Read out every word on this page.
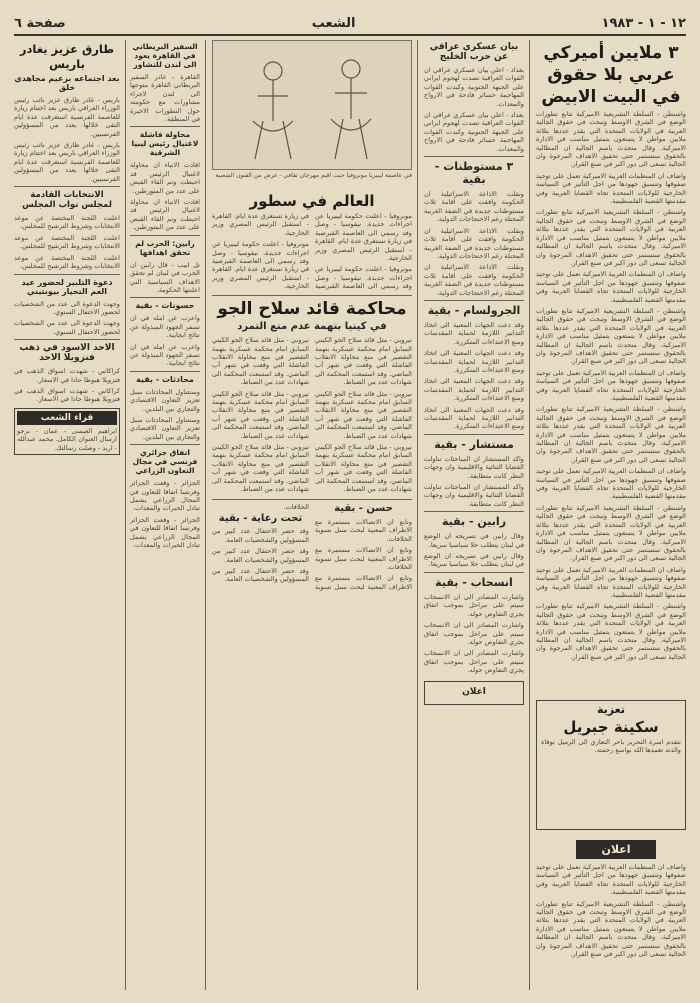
١٢ - ١ - ١٩٨٣
الشعب
صفحة ٦
٣ ملايين أميركي عربي بلا حقوق في البيت الابيض

واشنطن - السلطة التشريعية الاميركية تتابع تطورات الوضع في الشرق الاوسط وتبحث في حقوق الجالية العربية في الولايات المتحدة التي يقدر عددها بثلاثة ملايين مواطن لا يتمتعون بتمثيل مناسب في الادارة الاميركية. وقال متحدث باسم الجالية ان المطالبة بالحقوق ستستمر حتى تحقيق الاهداف المرجوة وان الجالية تسعى الى دور اكبر في صنع القرار.

واضاف ان المنظمات العربية الاميركية تعمل على توحيد صفوفها وتنسيق جهودها من اجل التأثير في السياسة الخارجية للولايات المتحدة تجاه القضايا العربية وفي مقدمتها القضية الفلسطينية.

واشنطن - السلطة التشريعية الاميركية تتابع تطورات الوضع في الشرق الاوسط وتبحث في حقوق الجالية العربية في الولايات المتحدة التي يقدر عددها بثلاثة ملايين مواطن لا يتمتعون بتمثيل مناسب في الادارة الاميركية. وقال متحدث باسم الجالية ان المطالبة بالحقوق ستستمر حتى تحقيق الاهداف المرجوة وان الجالية تسعى الى دور اكبر في صنع القرار.

واضاف ان المنظمات العربية الاميركية تعمل على توحيد صفوفها وتنسيق جهودها من اجل التأثير في السياسة الخارجية للولايات المتحدة تجاه القضايا العربية وفي مقدمتها القضية الفلسطينية.

واشنطن - السلطة التشريعية الاميركية تتابع تطورات الوضع في الشرق الاوسط وتبحث في حقوق الجالية العربية في الولايات المتحدة التي يقدر عددها بثلاثة ملايين مواطن لا يتمتعون بتمثيل مناسب في الادارة الاميركية. وقال متحدث باسم الجالية ان المطالبة بالحقوق ستستمر حتى تحقيق الاهداف المرجوة وان الجالية تسعى الى دور اكبر في صنع القرار.

واضاف ان المنظمات العربية الاميركية تعمل على توحيد صفوفها وتنسيق جهودها من اجل التأثير في السياسة الخارجية للولايات المتحدة تجاه القضايا العربية وفي مقدمتها القضية الفلسطينية.

واشنطن - السلطة التشريعية الاميركية تتابع تطورات الوضع في الشرق الاوسط وتبحث في حقوق الجالية العربية في الولايات المتحدة التي يقدر عددها بثلاثة ملايين مواطن لا يتمتعون بتمثيل مناسب في الادارة الاميركية. وقال متحدث باسم الجالية ان المطالبة بالحقوق ستستمر حتى تحقيق الاهداف المرجوة وان الجالية تسعى الى دور اكبر في صنع القرار.

واضاف ان المنظمات العربية الاميركية تعمل على توحيد صفوفها وتنسيق جهودها من اجل التأثير في السياسة الخارجية للولايات المتحدة تجاه القضايا العربية وفي مقدمتها القضية الفلسطينية.

واشنطن - السلطة التشريعية الاميركية تتابع تطورات الوضع في الشرق الاوسط وتبحث في حقوق الجالية العربية في الولايات المتحدة التي يقدر عددها بثلاثة ملايين مواطن لا يتمتعون بتمثيل مناسب في الادارة الاميركية. وقال متحدث باسم الجالية ان المطالبة بالحقوق ستستمر حتى تحقيق الاهداف المرجوة وان الجالية تسعى الى دور اكبر في صنع القرار.

واضاف ان المنظمات العربية الاميركية تعمل على توحيد صفوفها وتنسيق جهودها من اجل التأثير في السياسة الخارجية للولايات المتحدة تجاه القضايا العربية وفي مقدمتها القضية الفلسطينية.

واشنطن - السلطة التشريعية الاميركية تتابع تطورات الوضع في الشرق الاوسط وتبحث في حقوق الجالية العربية في الولايات المتحدة التي يقدر عددها بثلاثة ملايين مواطن لا يتمتعون بتمثيل مناسب في الادارة الاميركية. وقال متحدث باسم الجالية ان المطالبة بالحقوق ستستمر حتى تحقيق الاهداف المرجوة وان الجالية تسعى الى دور اكبر في صنع القرار.

تعزية
سكينة جبريل
تتقدم اسرة التحرير باحر التعازي الى الزميل بوفاة والدته تغمدها الله بواسع رحمته.
اعلان

واضاف ان المنظمات العربية الاميركية تعمل على توحيد صفوفها وتنسيق جهودها من اجل التأثير في السياسة الخارجية للولايات المتحدة تجاه القضايا العربية وفي مقدمتها القضية الفلسطينية.

واشنطن - السلطة التشريعية الاميركية تتابع تطورات الوضع في الشرق الاوسط وتبحث في حقوق الجالية العربية في الولايات المتحدة التي يقدر عددها بثلاثة ملايين مواطن لا يتمتعون بتمثيل مناسب في الادارة الاميركية. وقال متحدث باسم الجالية ان المطالبة بالحقوق ستستمر حتى تحقيق الاهداف المرجوة وان الجالية تسعى الى دور اكبر في صنع القرار.

بيان عسكري عراقي عن حرب الخليج

بغداد - اعلن بيان عسكري عراقي ان القوات العراقية تصدت لهجوم ايراني على الجبهة الجنوبية وكبدت القوات المهاجمة خسائر فادحة في الارواح والمعدات.

بغداد - اعلن بيان عسكري عراقي ان القوات العراقية تصدت لهجوم ايراني على الجبهة الجنوبية وكبدت القوات المهاجمة خسائر فادحة في الارواح والمعدات.

٣ مستوطنات - بقية

ونقلت الاذاعة الاسرائيلية ان الحكومة وافقت على اقامة ثلاث مستوطنات جديدة في الضفة الغربية المحتلة رغم الاحتجاجات الدولية.

ونقلت الاذاعة الاسرائيلية ان الحكومة وافقت على اقامة ثلاث مستوطنات جديدة في الضفة الغربية المحتلة رغم الاحتجاجات الدولية.

ونقلت الاذاعة الاسرائيلية ان الحكومة وافقت على اقامة ثلاث مستوطنات جديدة في الضفة الغربية المحتلة رغم الاحتجاجات الدولية.

الجرولسام - بقية

وقد دعت الجهات المعنية الى اتخاذ التدابير اللازمة لحماية المقدسات ومنع الاعتداءات المتكررة.

وقد دعت الجهات المعنية الى اتخاذ التدابير اللازمة لحماية المقدسات ومنع الاعتداءات المتكررة.

وقد دعت الجهات المعنية الى اتخاذ التدابير اللازمة لحماية المقدسات ومنع الاعتداءات المتكررة.

وقد دعت الجهات المعنية الى اتخاذ التدابير اللازمة لحماية المقدسات ومنع الاعتداءات المتكررة.

مستشار - بقية

واكد المستشار ان المباحثات تناولت القضايا الثنائية والاقليمية وان وجهات النظر كانت متطابقة.

واكد المستشار ان المباحثات تناولت القضايا الثنائية والاقليمية وان وجهات النظر كانت متطابقة.

رابين - بقية

وقال رابين في تصريحه ان الوضع في لبنان يتطلب حلا سياسيا سريعا.

وقال رابين في تصريحه ان الوضع في لبنان يتطلب حلا سياسيا سريعا.

انسحاب - بقية

واشارت المصادر الى ان الانسحاب سيتم على مراحل بموجب اتفاق يجري التفاوض حوله.

واشارت المصادر الى ان الانسحاب سيتم على مراحل بموجب اتفاق يجري التفاوض حوله.

واشارت المصادر الى ان الانسحاب سيتم على مراحل بموجب اتفاق يجري التفاوض حوله.

اعلان
في عاصمة ليبيريا مونروفيا حيث اقيم مهرجان ثقافي - عرض من الفنون الشعبية
العالم في سطور

مونروفيا - اعلنت حكومة ليبيريا عن اجراءات جديدة. نيقوسيا - وصل وفد رسمي الى العاصمة القبرصية في زيارة تستغرق عدة ايام. القاهرة - استقبل الرئيس المصري وزير الخارجية.

مونروفيا - اعلنت حكومة ليبيريا عن اجراءات جديدة. نيقوسيا - وصل وفد رسمي الى العاصمة القبرصية في زيارة تستغرق عدة ايام. القاهرة - استقبل الرئيس المصري وزير الخارجية.

مونروفيا - اعلنت حكومة ليبيريا عن اجراءات جديدة. نيقوسيا - وصل وفد رسمي الى العاصمة القبرصية في زيارة تستغرق عدة ايام. القاهرة - استقبل الرئيس المصري وزير الخارجية.

محاكمة قائد سلاح الجو
في كينيا بتهمة عدم منع التمرد

نيروبي - مثل قائد سلاح الجو الكيني السابق امام محكمة عسكرية بتهمة التقصير في منع محاولة الانقلاب الفاشلة التي وقعت في شهر آب الماضي. وقد استمعت المحكمة الى شهادات عدد من الضباط.

نيروبي - مثل قائد سلاح الجو الكيني السابق امام محكمة عسكرية بتهمة التقصير في منع محاولة الانقلاب الفاشلة التي وقعت في شهر آب الماضي. وقد استمعت المحكمة الى شهادات عدد من الضباط.

نيروبي - مثل قائد سلاح الجو الكيني السابق امام محكمة عسكرية بتهمة التقصير في منع محاولة الانقلاب الفاشلة التي وقعت في شهر آب الماضي. وقد استمعت المحكمة الى شهادات عدد من الضباط.

نيروبي - مثل قائد سلاح الجو الكيني السابق امام محكمة عسكرية بتهمة التقصير في منع محاولة الانقلاب الفاشلة التي وقعت في شهر آب الماضي. وقد استمعت المحكمة الى شهادات عدد من الضباط.

نيروبي - مثل قائد سلاح الجو الكيني السابق امام محكمة عسكرية بتهمة التقصير في منع محاولة الانقلاب الفاشلة التي وقعت في شهر آب الماضي. وقد استمعت المحكمة الى شهادات عدد من الضباط.

نيروبي - مثل قائد سلاح الجو الكيني السابق امام محكمة عسكرية بتهمة التقصير في منع محاولة الانقلاب الفاشلة التي وقعت في شهر آب الماضي. وقد استمعت المحكمة الى شهادات عدد من الضباط.

حسن - بقية

وتابع ان الاتصالات مستمرة مع الاطراف المعنية لبحث سبل تسوية الخلافات.

وتابع ان الاتصالات مستمرة مع الاطراف المعنية لبحث سبل تسوية الخلافات.

وتابع ان الاتصالات مستمرة مع الاطراف المعنية لبحث سبل تسوية الخلافات.

تحت رعاية - بقية

وقد حضر الاحتفال عدد كبير من المسؤولين والشخصيات العامة.

وقد حضر الاحتفال عدد كبير من المسؤولين والشخصيات العامة.

وقد حضر الاحتفال عدد كبير من المسؤولين والشخصيات العامة.

السفير البريطاني في القاهرة يعود الى لندن للتشاور

القاهرة - غادر السفير البريطاني القاهرة متوجها الى لندن لاجراء مشاورات مع حكومته حول التطورات الاخيرة في المنطقة.

محاولة فاشلة لاغتيال رئيس ليبيا الشرقية

افادت الانباء ان محاولة لاغتيال الرئيس قد احبطت وتم القاء القبض على عدد من المتورطين.

افادت الانباء ان محاولة لاغتيال الرئيس قد احبطت وتم القاء القبض على عدد من المتورطين.

رابين: الحرب لم تحقق اهدافها

تل ابيب - قال رابين ان الحرب في لبنان لم تحقق الاهداف السياسية التي اعلنتها الحكومة.

حسونات - بقية

واعرب عن امله في ان تسفر الجهود المبذولة عن نتائج ايجابية.

واعرب عن امله في ان تسفر الجهود المبذولة عن نتائج ايجابية.

محادثات - بقية

وستتناول المحادثات سبل تعزيز التعاون الاقتصادي والتجاري بين البلدين.

وستتناول المحادثات سبل تعزيز التعاون الاقتصادي والتجاري بين البلدين.

اتفاق جزائري فرنسي في مجال التعاون الزراعي

الجزائر - وقعت الجزائر وفرنسا اتفاقا للتعاون في المجال الزراعي يشمل تبادل الخبرات والمعدات.

الجزائر - وقعت الجزائر وفرنسا اتفاقا للتعاون في المجال الزراعي يشمل تبادل الخبرات والمعدات.

طارق عزيز يغادر باريس
بعد اجتماعه بزعيم مجاهدي خلق

باريس - غادر طارق عزيز نائب رئيس الوزراء العراقي باريس بعد اختتام زيارة للعاصمة الفرنسية استغرقت عدة ايام التقى خلالها بعدد من المسؤولين الفرنسيين.

باريس - غادر طارق عزيز نائب رئيس الوزراء العراقي باريس بعد اختتام زيارة للعاصمة الفرنسية استغرقت عدة ايام التقى خلالها بعدد من المسؤولين الفرنسيين.

الانتخابات القادمة لمجلس نواب المجلس

اعلنت اللجنة المختصة عن موعد الانتخابات وشروط الترشيح للمجلس.

اعلنت اللجنة المختصة عن موعد الانتخابات وشروط الترشيح للمجلس.

اعلنت اللجنة المختصة عن موعد الانتخابات وشروط الترشيح للمجلس.

دعوة التلبير لحضور عيد العم التحيار بيونتيني

وجهت الدعوة الى عدد من الشخصيات لحضور الاحتفال السنوي.

وجهت الدعوة الى عدد من الشخصيات لحضور الاحتفال السنوي.

الاحد الاسود في ذهب فنزويلا الاحد

كراكاس - شهدت اسواق الذهب في فنزويلا هبوطا حادا في الاسعار.

كراكاس - شهدت اسواق الذهب في فنزويلا هبوطا حادا في الاسعار.

قراء الشعب
ابراهيم العيسى - عمان - نرجو ارسال العنوان الكامل. محمد عبدالله - اربد - وصلت رسالتك.
